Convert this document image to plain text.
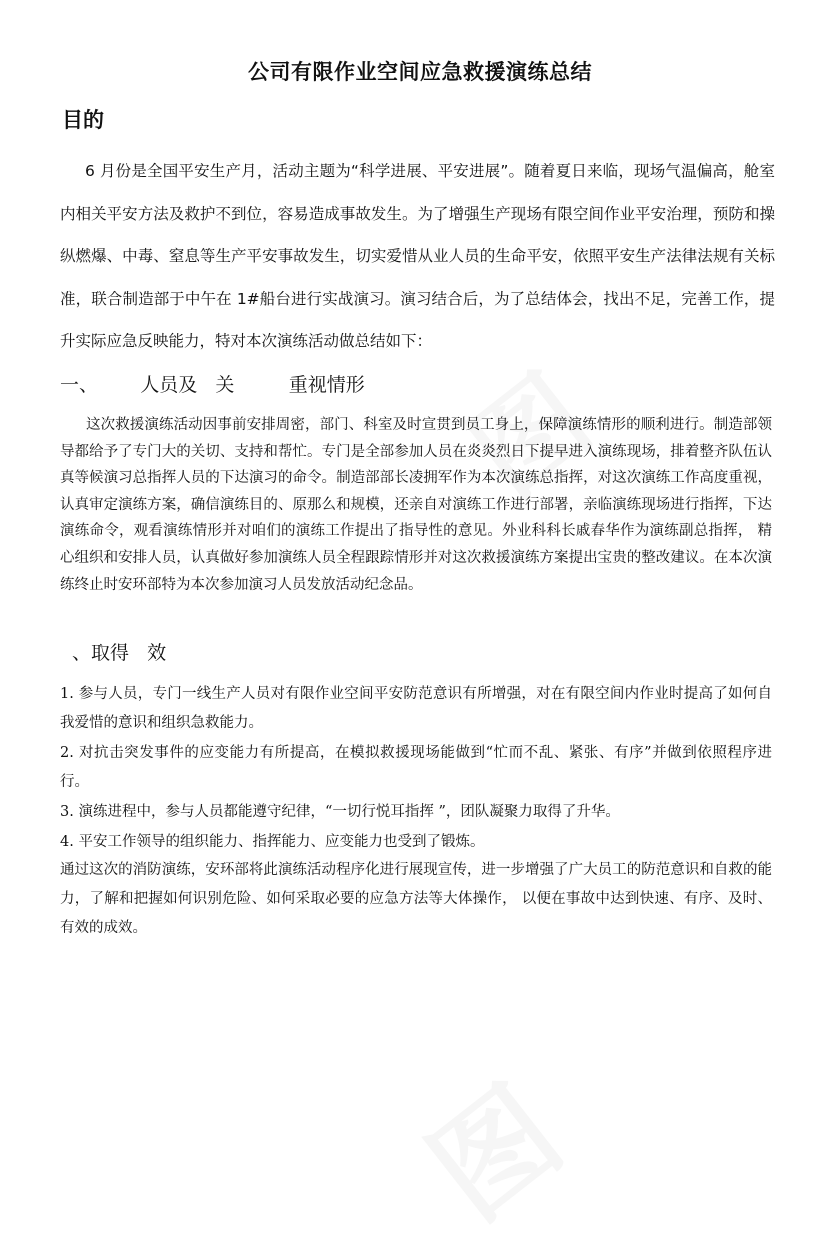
公司有限作业空间应急救援演练总结
目的
6 月份是全国平安生产月，活动主题为“科学进展、平安进展”。随着夏日来临，现场气温偏高，舱室内相关平安方法及救护不到位，容易造成事故发生。为了增强生产现场有限空间作业平安治理，预防和操纵燃爆、中毒、窒息等生产平安事故发生，切实爱惜从业人员的生命平安，依照平安生产法律法规有关标准，联合制造部于中午在 1#船台进行实战演习。演习结合后，为了总结体会，找出不足，完善工作，提升实际应急反映能力，特对本次演练活动做总结如下：
一、       人员及   关         重视情形
这次救援演练活动因事前安排周密，部门、科室及时宣贯到员工身上，保障演练情形的顺利进行。制造部领导都给予了专门大的关切、支持和帮忙。专门是全部参加人员在炎炎烈日下提早进入演练现场，排着整齐队伍认真等候演习总指挥人员的下达演习的命令。制造部部长凌拥军作为本次演练总指挥，对这次演练工作高度重视，认真审定演练方案，确信演练目的、原那么和规模，还亲自对演练工作进行部署，亲临演练现场进行指挥，下达演练命令，观看演练情形并对咱们的演练工作提出了指导性的意见。外业科科长戚春华作为演练副总指挥， 精心组织和安排人员，认真做好参加演练人员全程跟踪情形并对这次救援演练方案提出宝贵的整改建议。在本次演练终止时安环部特为本次参加演习人员发放活动纪念品。
、取得   效
1. 参与人员，专门一线生产人员对有限作业空间平安防范意识有所增强，对在有限空间内作业时提高了如何自我爱惜的意识和组织急救能力。
2. 对抗击突发事件的应变能力有所提高，在模拟救援现场能做到“忙而不乱、紧张、有序”并做到依照程序进行。
3. 演练进程中，参与人员都能遵守纪律，“一切行悦耳指挥 ”，团队凝聚力取得了升华。
4. 平安工作领导的组织能力、指挥能力、应变能力也受到了锻炼。
通过这次的消防演练，安环部将此演练活动程序化进行展现宣传，进一步增强了广大员工的防范意识和自救的能力，了解和把握如何识别危险、如何采取必要的应急方法等大体操作， 以便在事故中达到快速、有序、及时、 有效的成效。
